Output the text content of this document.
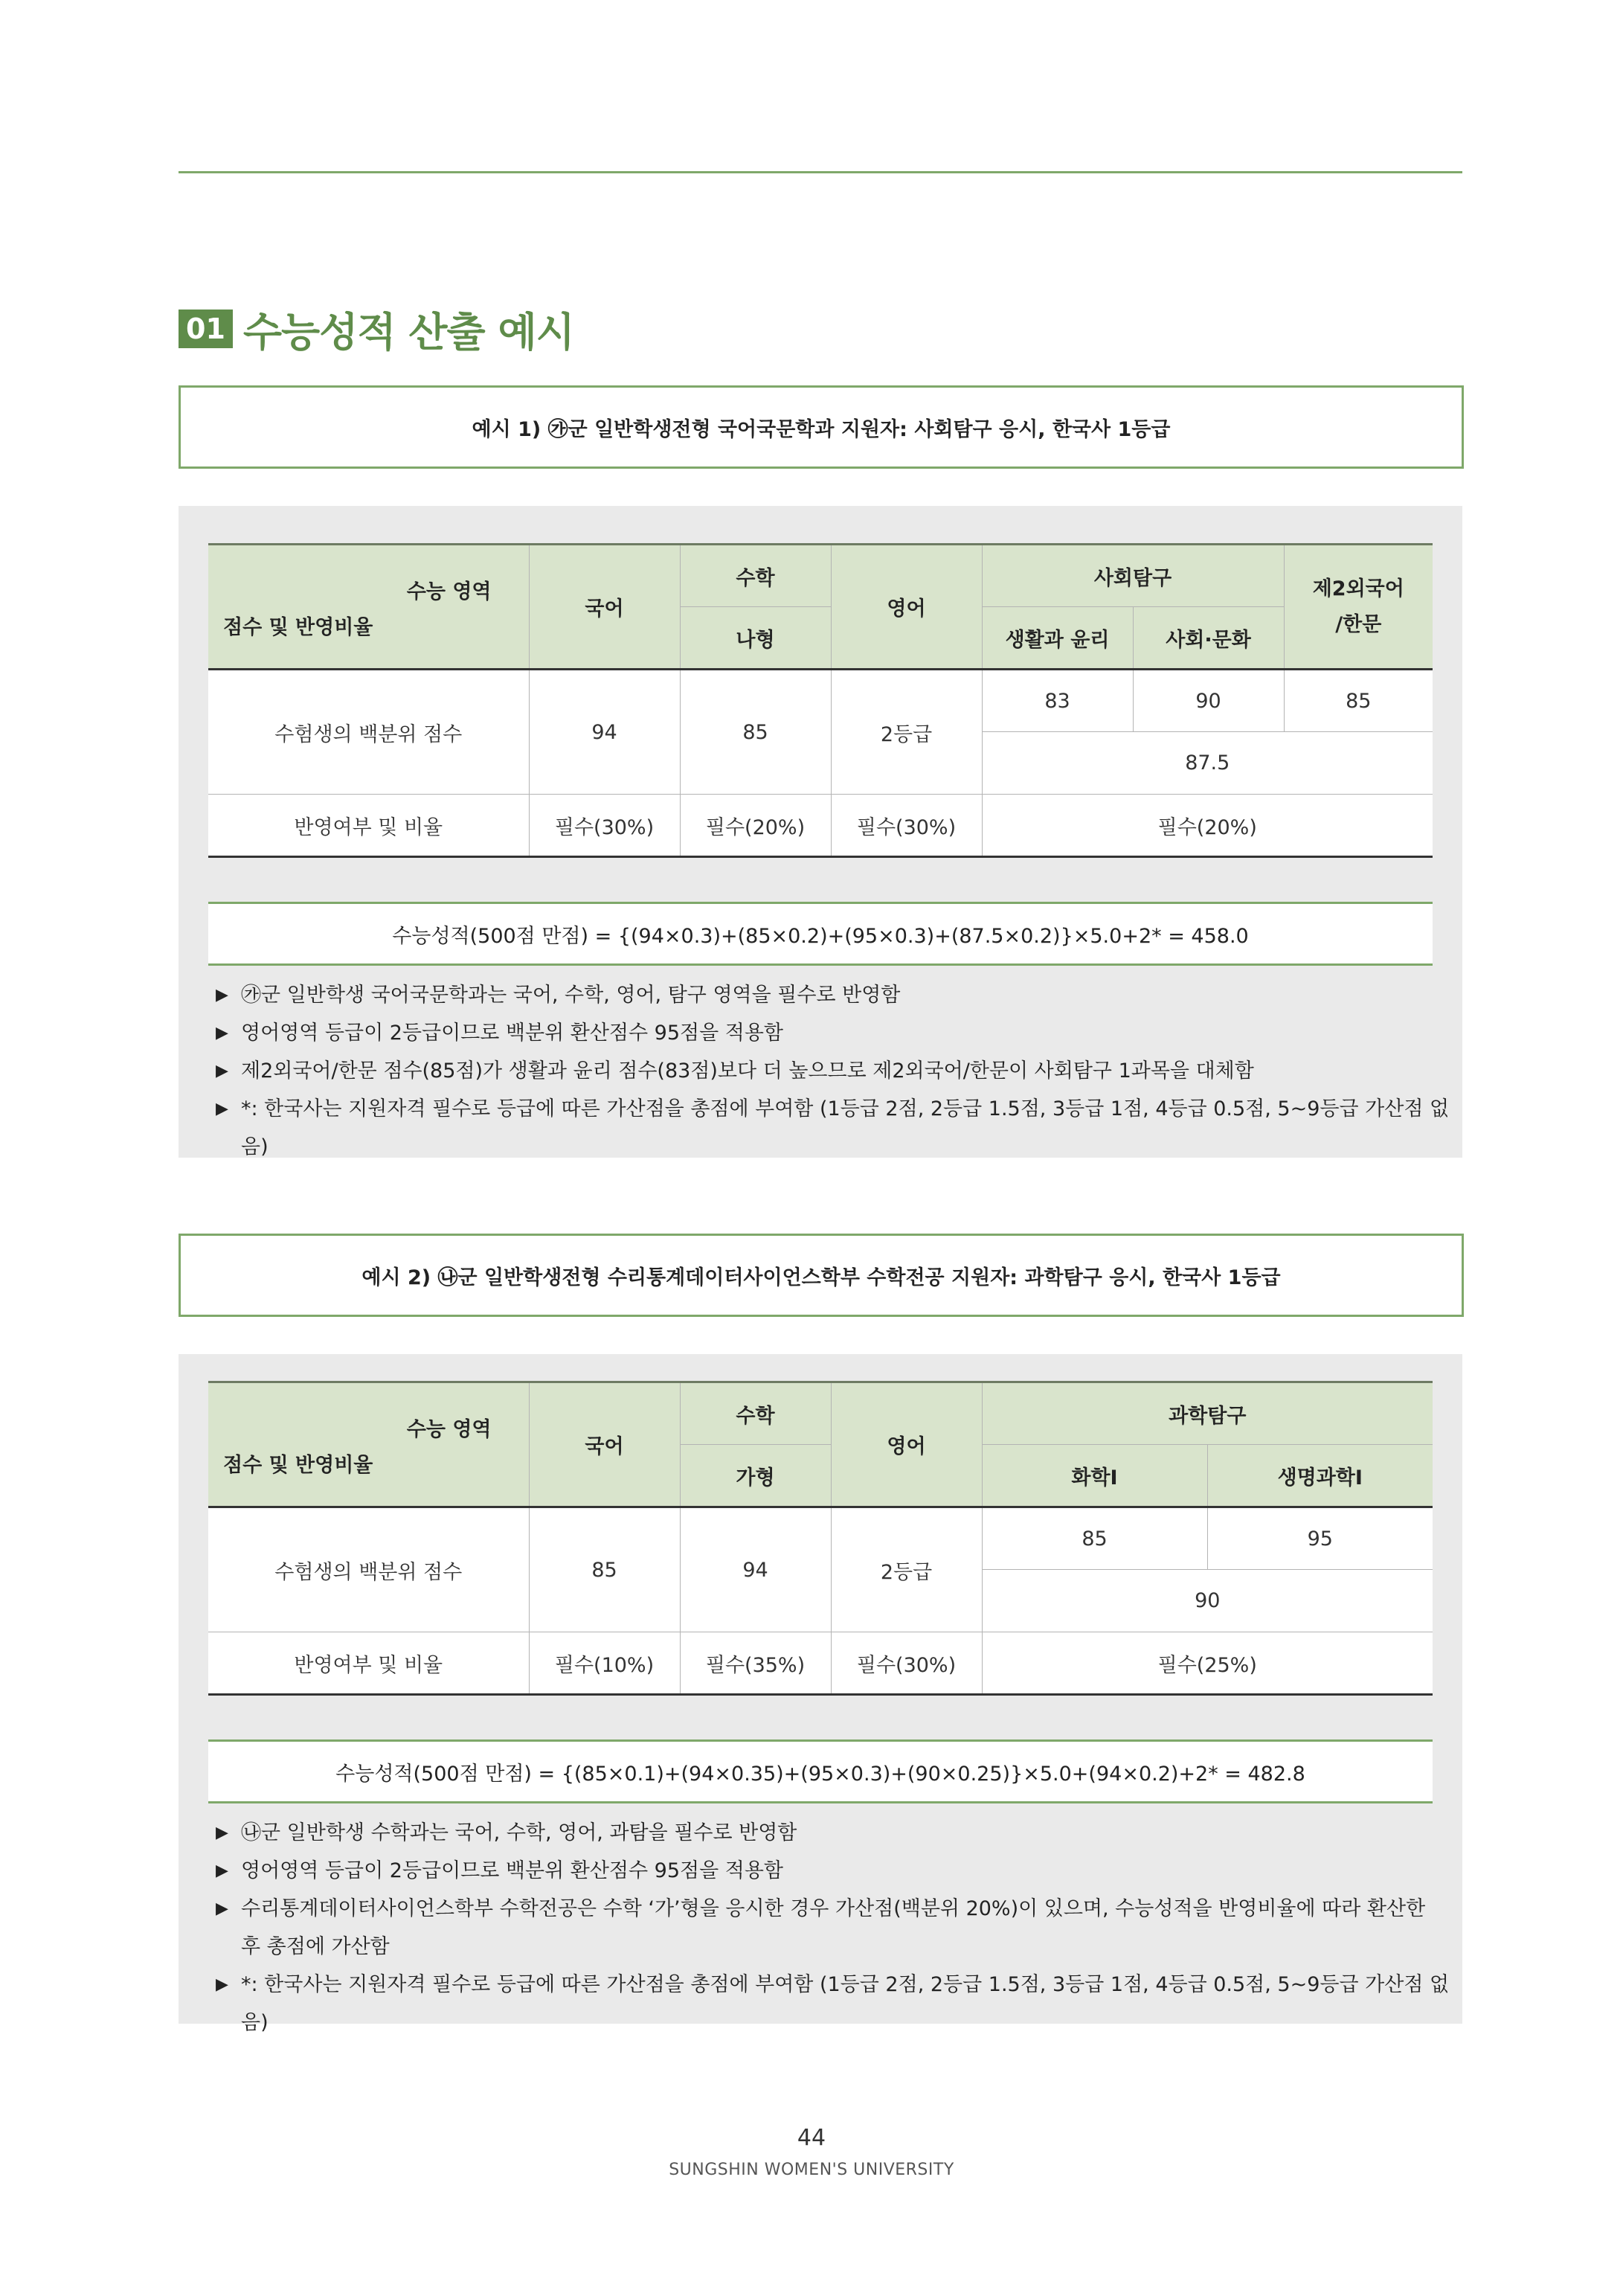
01 수능성적 산출 예시
예시 1) ㉮군 일반학생전형 국어국문학과 지원자: 사회탐구 응시, 한국사 1등급
수능 영역
점수 및 반영비율	국어	수학	영어	사회탐구		제2외국어
/한문
		나형		생활과 윤리	사회·문화	
수험생의 백분위 점수	94	85	2등급	83	90	85
				87.5		
반영여부 및 비율	필수(30%)	필수(20%)	필수(30%)	필수(20%)		
수능성적(500점 만점) = {(94×0.3)+(85×0.2)+(95×0.3)+(87.5×0.2)}×5.0+2* = 458.0
▶ ㉮군 일반학생 국어국문학과는 국어, 수학, 영어, 탐구 영역을 필수로 반영함
▶ 영어영역 등급이 2등급이므로 백분위 환산점수 95점을 적용함
▶ 제2외국어/한문 점수(85점)가 생활과 윤리 점수(83점)보다 더 높으므로 제2외국어/한문이 사회탐구 1과목을 대체함
▶ *: 한국사는 지원자격 필수로 등급에 따른 가산점을 총점에 부여함 (1등급 2점, 2등급 1.5점, 3등급 1점, 4등급 0.5점, 5~9등급 가산점 없음)
예시 2) ㉯군 일반학생전형 수리통계데이터사이언스학부 수학전공 지원자: 과학탐구 응시, 한국사 1등급
수능 영역
점수 및 반영비율	국어	수학	영어	과학탐구	
		가형		화학Ⅰ	생명과학Ⅰ
수험생의 백분위 점수	85	94	2등급	85	95
				90	
반영여부 및 비율	필수(10%)	필수(35%)	필수(30%)	필수(25%)	
수능성적(500점 만점) = {(85×0.1)+(94×0.35)+(95×0.3)+(90×0.25)}×5.0+(94×0.2)+2* = 482.8
▶ ㉯군 일반학생 수학과는 국어, 수학, 영어, 과탐을 필수로 반영함
▶ 영어영역 등급이 2등급이므로 백분위 환산점수 95점을 적용함
▶ 수리통계데이터사이언스학부 수학전공은 수학 ‘가’형을 응시한 경우 가산점(백분위 20%)이 있으며, 수능성적을 반영비율에 따라 환산한 후 총점에 가산함
▶ *: 한국사는 지원자격 필수로 등급에 따른 가산점을 총점에 부여함 (1등급 2점, 2등급 1.5점, 3등급 1점, 4등급 0.5점, 5~9등급 가산점 없음)
44
SUNGSHIN WOMEN'S UNIVERSITY
